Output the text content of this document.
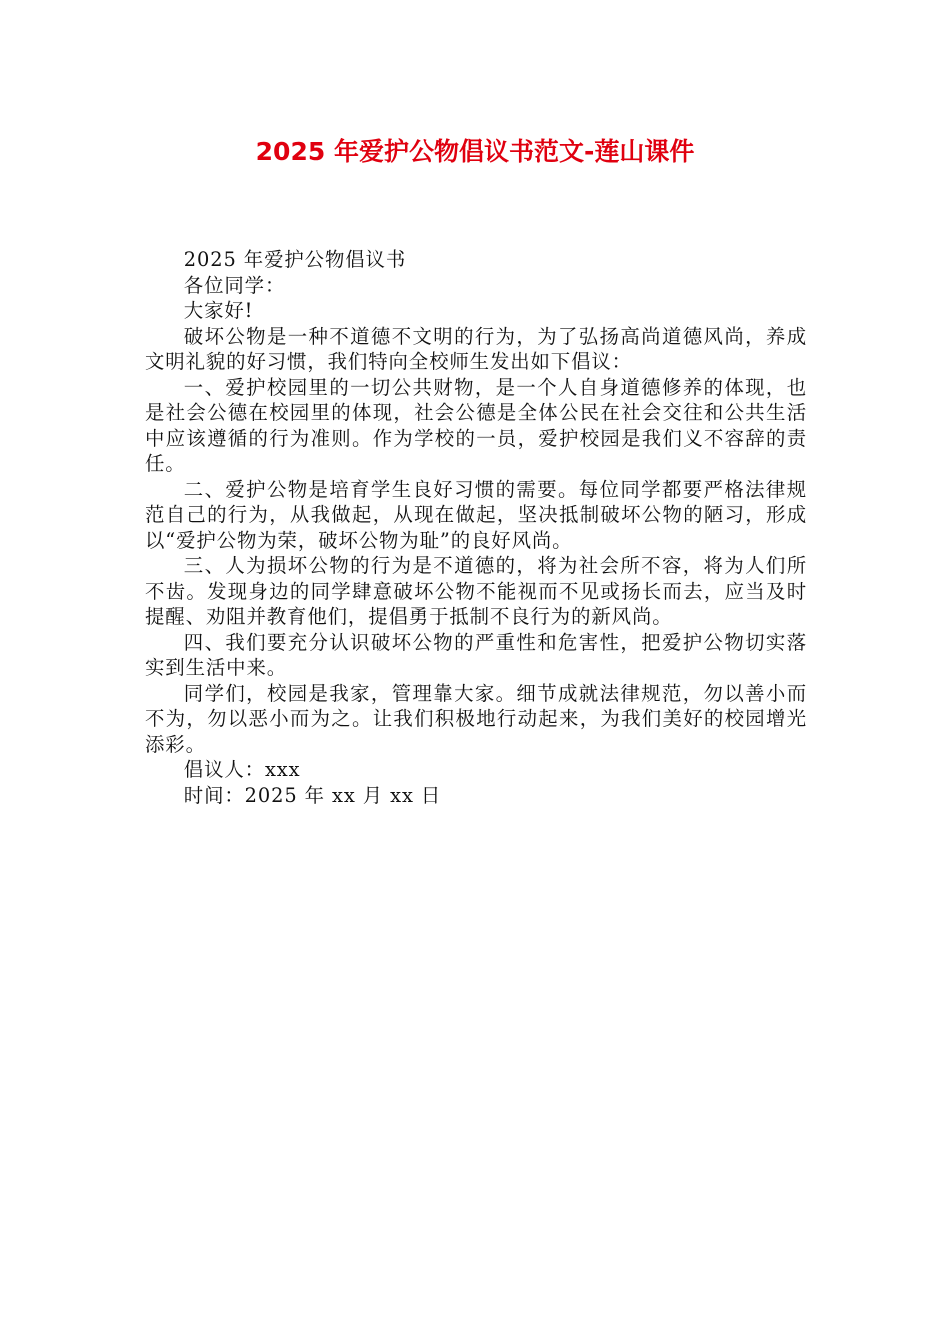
2025 年爱护公物倡议书范文-莲山课件

2025 年爱护公物倡议书

各位同学：

大家好!

破坏公物是一种不道德不文明的行为，为了弘扬高尚道德风尚，养成文明礼貌的好习惯，我们特向全校师生发出如下倡议：

一、爱护校园里的一切公共财物，是一个人自身道德修养的体现，也是社会公德在校园里的体现，社会公德是全体公民在社会交往和公共生活中应该遵循的行为准则。作为学校的一员，爱护校园是我们义不容辞的责任。

二、爱护公物是培育学生良好习惯的需要。每位同学都要严格法律规范自己的行为，从我做起，从现在做起，坚决抵制破坏公物的陋习，形成以“爱护公物为荣，破坏公物为耻”的良好风尚。

三、人为损坏公物的行为是不道德的，将为社会所不容，将为人们所不齿。发现身边的同学肆意破坏公物不能视而不见或扬长而去，应当及时提醒、劝阻并教育他们，提倡勇于抵制不良行为的新风尚。

四、我们要充分认识破坏公物的严重性和危害性，把爱护公物切实落实到生活中来。

同学们，校园是我家，管理靠大家。细节成就法律规范，勿以善小而不为，勿以恶小而为之。让我们积极地行动起来，为我们美好的校园增光添彩。

倡议人：xxx

时间：2025 年 xx 月 xx 日
